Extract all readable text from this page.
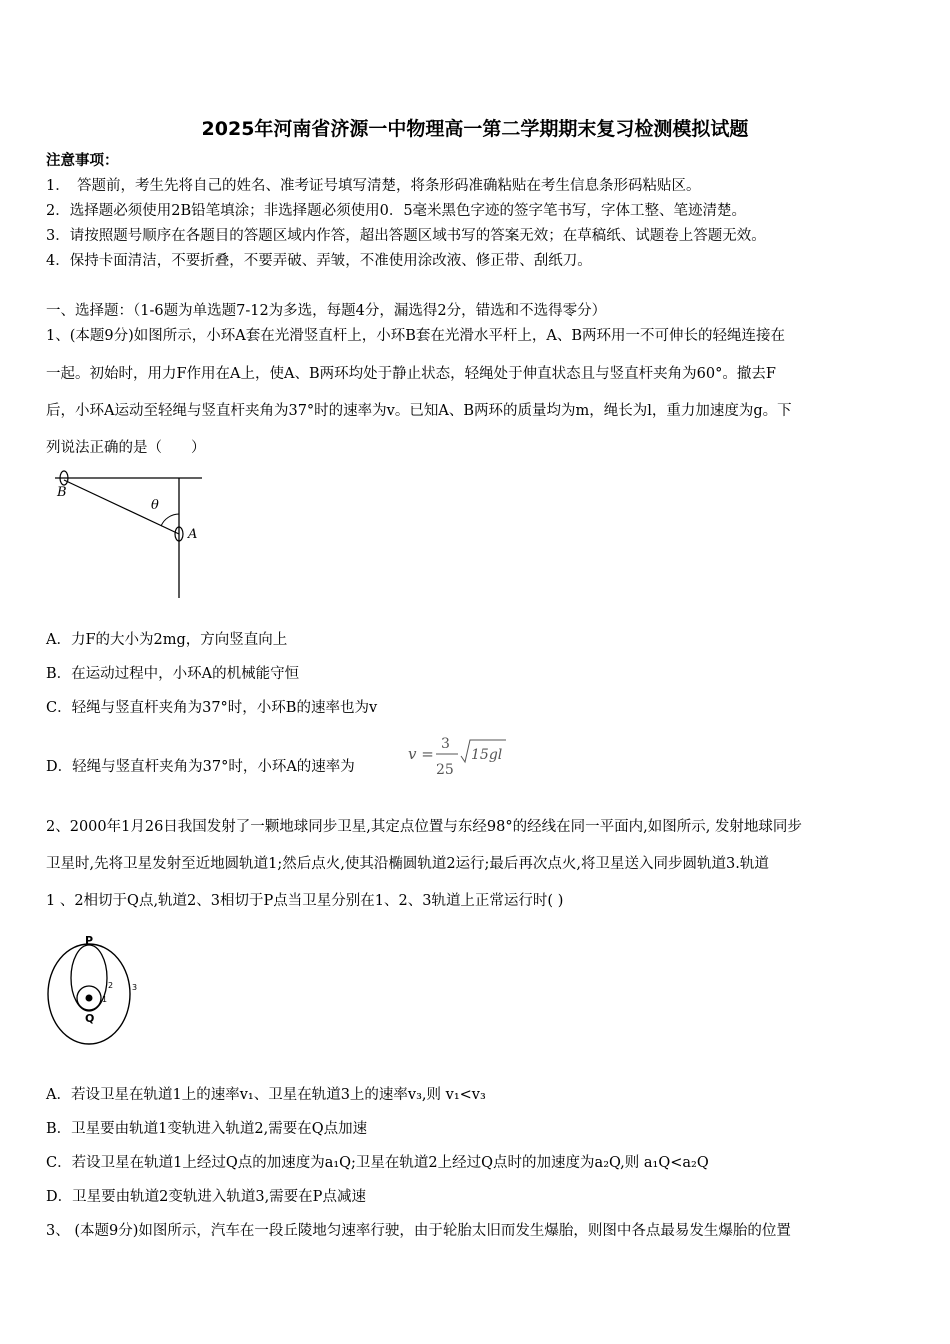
2025年河南省济源一中物理高一第二学期期末复习检测模拟试题
注意事项：
1．　答题前，考生先将自己的姓名、准考证号填写清楚，将条形码准确粘贴在考生信息条形码粘贴区。
2．选择题必须使用2B铅笔填涂；非选择题必须使用0．5毫米黑色字迹的签字笔书写，字体工整、笔迹清楚。
3．请按照题号顺序在各题目的答题区域内作答，超出答题区域书写的答案无效；在草稿纸、试题卷上答题无效。
4．保持卡面清洁，不要折叠，不要弄破、弄皱，不准使用涂改液、修正带、刮纸刀。
一、选择题：（1-6题为单选题7-12为多选，每题4分，漏选得2分，错选和不选得零分）
1、(本题9分)如图所示，小环A套在光滑竖直杆上，小环B套在光滑水平杆上，A、B两环用一不可伸长的轻绳连接在
一起。初始时，用力F作用在A上，使A、B两环均处于静止状态，轻绳处于伸直状态且与竖直杆夹角为60°。撤去F
后，小环A运动至轻绳与竖直杆夹角为37°时的速率为v。已知A、B两环的质量均为m，绳长为l，重力加速度为g。下
列说法正确的是（　　）
B
θ
A
A．力F的大小为2mg，方向竖直向上
B．在运动过程中，小环A的机械能守恒
C．轻绳与竖直杆夹角为37°时，小环B的速率也为v
D．轻绳与竖直杆夹角为37°时，小环A的速率为
v =
3
25
15gl
2、2000年1月26日我国发射了一颗地球同步卫星,其定点位置与东经98°的经线在同一平面内,如图所示, 发射地球同步
卫星时,先将卫星发射至近地圆轨道1;然后点火,使其沿椭圆轨道2运行;最后再次点火,将卫星送入同步圆轨道3.轨道
1 、2相切于Q点,轨道2、3相切于P点当卫星分别在1、2、3轨道上正常运行时( )
P
Q
1
2 3
A．若设卫星在轨道1上的速率v₁、卫星在轨道3上的速率v₃,则 v₁<v₃
B．卫星要由轨道1变轨进入轨道2,需要在Q点加速
C．若设卫星在轨道1上经过Q点的加速度为a₁Q;卫星在轨道2上经过Q点时的加速度为a₂Q,则 a₁Q<a₂Q
D．卫星要由轨道2变轨进入轨道3,需要在P点减速
3、 (本题9分)如图所示，汽车在一段丘陵地匀速率行驶，由于轮胎太旧而发生爆胎，则图中各点最易发生爆胎的位置
